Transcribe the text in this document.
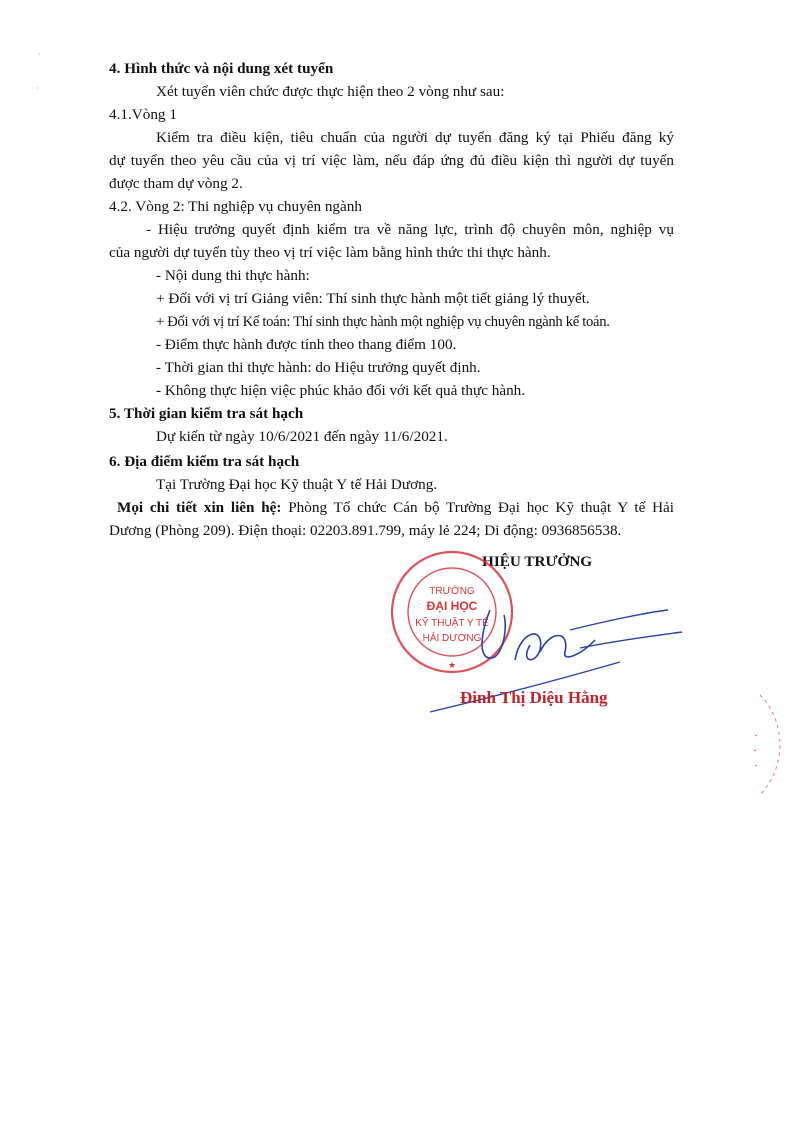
4. Hình thức và nội dung xét tuyển
Xét tuyển viên chức được thực hiện theo 2 vòng như sau:
4.1.Vòng 1
Kiểm tra điều kiện, tiêu chuẩn của người dự tuyển đăng ký tại Phiếu đăng ký
dự tuyển theo yêu cầu của vị trí việc làm, nếu đáp ứng đủ điều kiện thì người dự tuyển
được tham dự vòng 2.
4.2. Vòng 2: Thi nghiệp vụ chuyên ngành
- Hiệu trưởng quyết định kiểm tra về năng lực, trình độ chuyên môn, nghiệp vụ
của người dự tuyển tùy theo vị trí việc làm bằng hình thức thi thực hành.
- Nội dung thi thực hành:
+ Đối với vị trí Giảng viên: Thí sinh thực hành một tiết giảng lý thuyết.
+ Đối với vị trí Kế toán: Thí sinh thực hành một nghiệp vụ chuyên ngành kế toán.
- Điểm thực hành được tính theo thang điểm 100.
- Thời gian thi thực hành: do Hiệu trưởng quyết định.
- Không thực hiện việc phúc khảo đối với kết quả thực hành.
5. Thời gian kiểm tra sát hạch
Dự kiến từ ngày 10/6/2021 đến ngày 11/6/2021.
6. Địa điểm kiểm tra sát hạch
Tại Trường Đại học Kỹ thuật Y tế Hải Dương.
Mọi chi tiết xin liên hệ: Phòng Tổ chức Cán bộ Trường Đại học Kỹ thuật Y tế Hải
Dương (Phòng 209). Điện thoại: 02203.891.799, máy lẻ 224; Di động: 0936856538.
HIỆU TRƯỞNG
TRƯỜNG
ĐẠI HỌC
KỸ THUẬT Y TẾ
HẢI DƯƠNG
★
Đinh Thị Diệu Hằng
·
·
